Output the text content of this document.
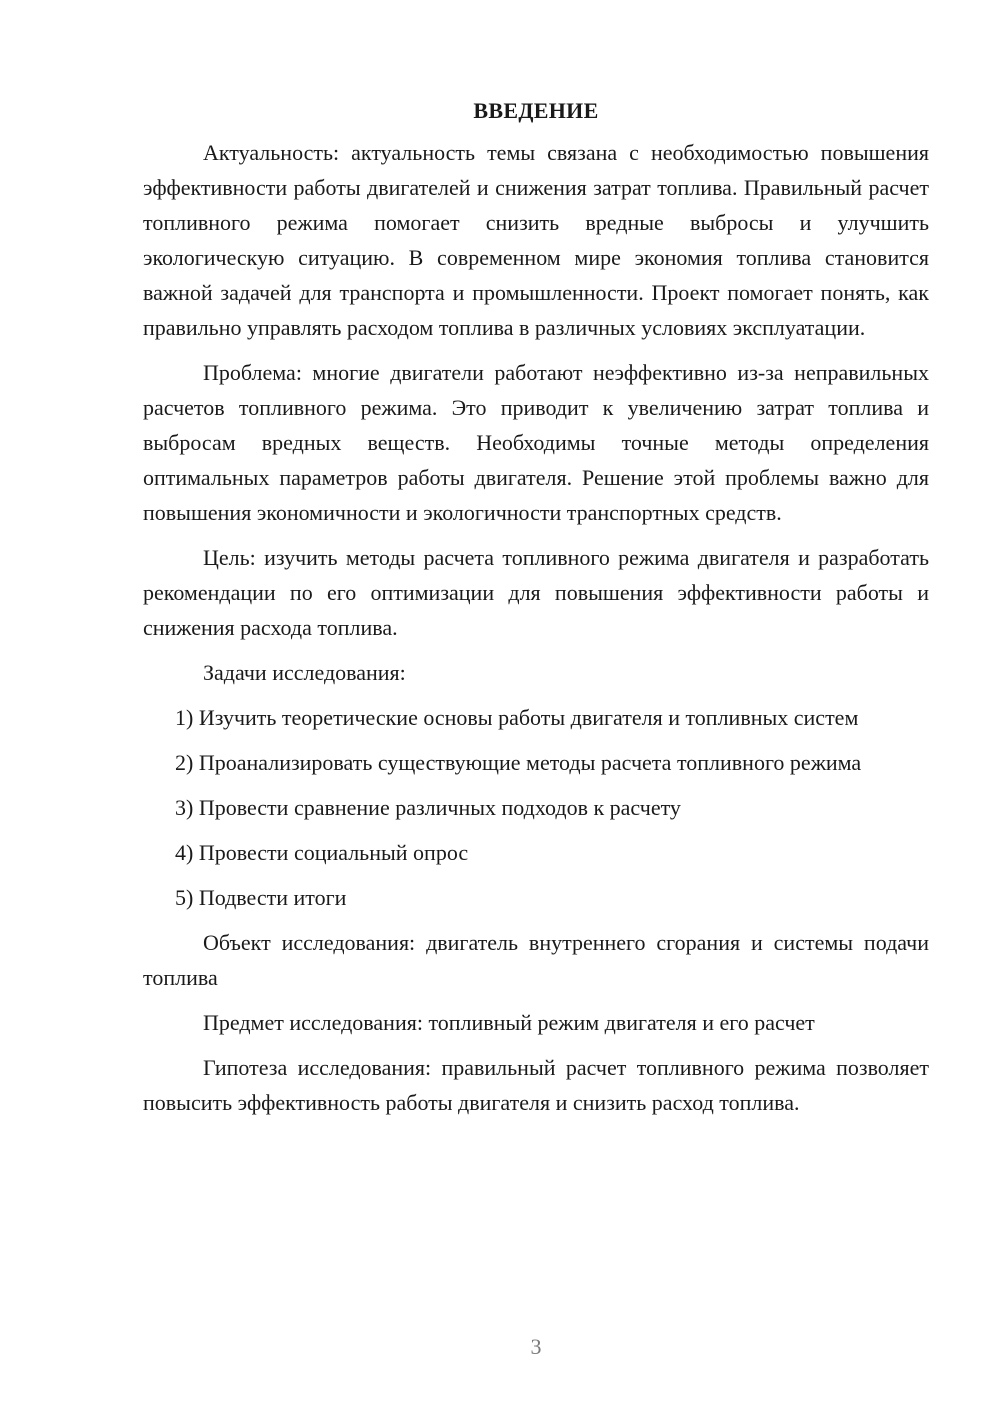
ВВЕДЕНИЕ

Актуальность: актуальность темы связана с необходимостью повышения эффективности работы двигателей и снижения затрат топлива. Правильный расчет топливного режима помогает снизить вредные выбросы и улучшить экологическую ситуацию. В современном мире экономия топлива становится важной задачей для транспорта и промышленности. Проект помогает понять, как правильно управлять расходом топлива в различных условиях эксплуатации.

Проблема: многие двигатели работают неэффективно из-за неправильных расчетов топливного режима. Это приводит к увеличению затрат топлива и выбросам вредных веществ. Необходимы точные методы определения оптимальных параметров работы двигателя. Решение этой проблемы важно для повышения экономичности и экологичности транспортных средств.

Цель: изучить методы расчета топливного режима двигателя и разработать рекомендации по его оптимизации для повышения эффективности работы и снижения расхода топлива.

Задачи исследования:

1) Изучить теоретические основы работы двигателя и топливных систем

2) Проанализировать существующие методы расчета топливного режима

3) Провести сравнение различных подходов к расчету

4) Провести социальный опрос

5) Подвести итоги

Объект исследования: двигатель внутреннего сгорания и системы подачи топлива

Предмет исследования: топливный режим двигателя и его расчет

Гипотеза исследования: правильный расчет топливного режима позволяет повысить эффективность работы двигателя и снизить расход топлива.

3
